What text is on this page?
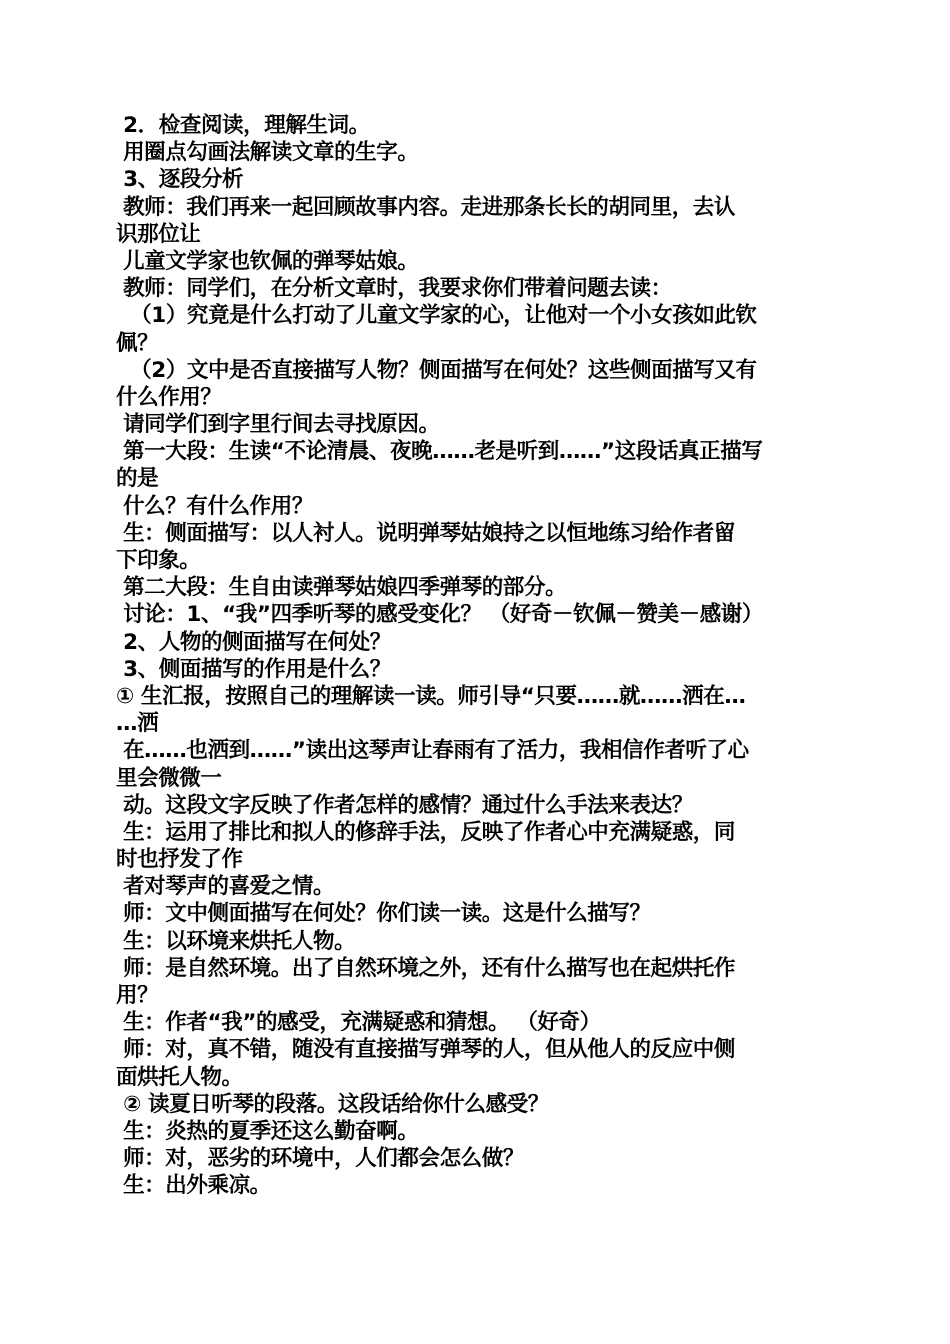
2．检查阅读，理解生词。
用圈点勾画法解读文章的生字。
3、逐段分析
教师：我们再来一起回顾故事内容。走进那条长长的胡同里，去认
识那位让
儿童文学家也钦佩的弹琴姑娘。
教师：同学们，在分析文章时，我要求你们带着问题去读：
（1）究竟是什么打动了儿童文学家的心，让他对一个小女孩如此钦
佩？
（2）文中是否直接描写人物？侧面描写在何处？这些侧面描写又有
什么作用？
请同学们到字里行间去寻找原因。
第一大段：生读“不论清晨、夜晚……老是听到……”这段话真正描写
的是
什么？有什么作用？
生：侧面描写：以人衬人。说明弹琴姑娘持之以恒地练习给作者留
下印象。
第二大段：生自由读弹琴姑娘四季弹琴的部分。
讨论：1、“我”四季听琴的感受变化？ （好奇－钦佩－赞美－感谢）
2、人物的侧面描写在何处？
3、侧面描写的作用是什么？
① 生汇报，按照自己的理解读一读。师引导“只要……就……洒在…
…洒
在……也洒到……”读出这琴声让春雨有了活力，我相信作者听了心
里会微微一
动。这段文字反映了作者怎样的感情？通过什么手法来表达？
生：运用了排比和拟人的修辞手法，反映了作者心中充满疑惑，同
时也抒发了作
者对琴声的喜爱之情。
师：文中侧面描写在何处？你们读一读。这是什么描写？
生：以环境来烘托人物。
师：是自然环境。出了自然环境之外，还有什么描写也在起烘托作
用？
生：作者“我”的感受，充满疑惑和猜想。 （好奇）
师：对，真不错，随没有直接描写弹琴的人，但从他人的反应中侧
面烘托人物。
② 读夏日听琴的段落。这段话给你什么感受？
生：炎热的夏季还这么勤奋啊。
师：对，恶劣的环境中，人们都会怎么做？
生：出外乘凉。
